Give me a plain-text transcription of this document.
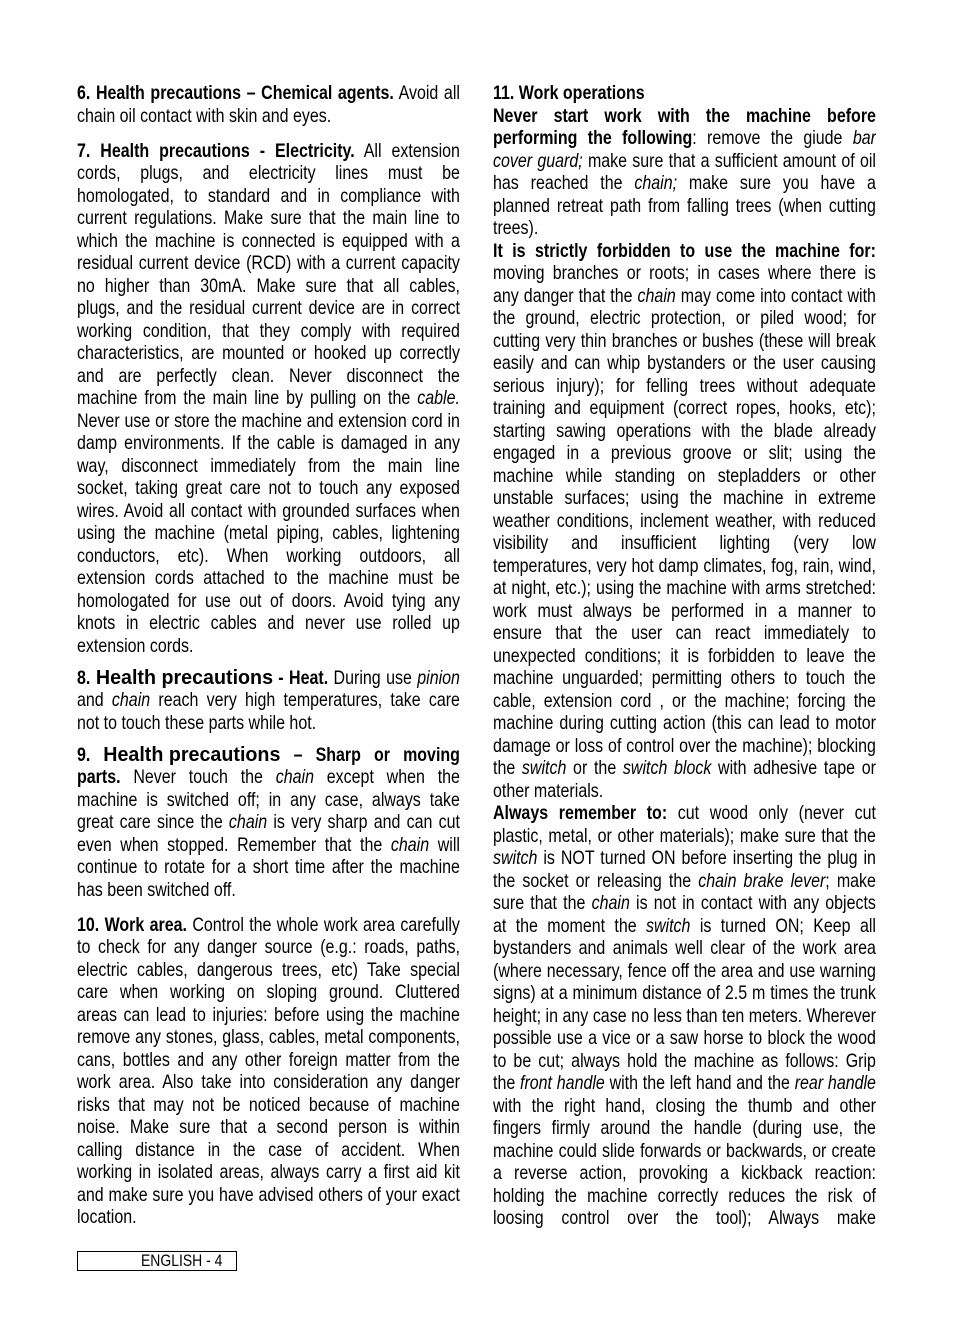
6. Health precautions – Chemical agents. Avoid all chain oil contact with skin and eyes.

7. Health precautions - Electricity. All extension cords, plugs, and electricity lines must be homologated, to standard and in compliance with current regulations. Make sure that the main line to which the machine is connected is equipped with a residual current device (RCD) with a current capacity no higher than 30mA. Make sure that all cables, plugs, and the residual current device are in correct working condition, that they comply with required characteristics, are mounted or hooked up correctly and are perfectly clean. Never disconnect the machine from the main line by pulling on the cable. Never use or store the machine and extension cord in damp environments. If the cable is damaged in any way, disconnect immediately from the main line socket, taking great care not to touch any exposed wires. Avoid all contact with grounded surfaces when using the machine (metal piping, cables, lightening conductors, etc). When working outdoors, all extension cords attached to the machine must be homologated for use out of doors. Avoid tying any knots in electric cables and never use rolled up extension cords.

8. Health precautions - Heat. During use pinion and chain reach very high temperatures, take care not to touch these parts while hot.

9. Health precautions – Sharp or moving parts. Never touch the chain except when the machine is switched off; in any case, always take great care since the chain is very sharp and can cut even when stopped. Remember that the chain will continue to rotate for a short time after the machine has been switched off.

10. Work area. Control the whole work area carefully to check for any danger source (e.g.: roads, paths, electric cables, dangerous trees, etc) Take special care when working on sloping ground. Cluttered areas can lead to injuries: before using the machine remove any stones, glass, cables, metal components, cans, bottles and any other foreign matter from the work area. Also take into consideration any danger risks that may not be noticed because of machine noise. Make sure that a second person is within calling distance in the case of accident. When working in isolated areas, always carry a first aid kit and make sure you have advised others of your exact location.

11. Work operations

Never start work with the machine before performing the following: remove the giude bar cover guard; make sure that a sufficient amount of oil has reached the chain; make sure you have a planned retreat path from falling trees (when cutting trees).

It is strictly forbidden to use the machine for: moving branches or roots; in cases where there is any danger that the chain may come into contact with the ground, electric protection, or piled wood; for cutting very thin branches or bushes (these will break easily and can whip bystanders or the user causing serious injury); for felling trees without adequate training and equipment (correct ropes, hooks, etc); starting sawing operations with the blade already engaged in a previous groove or slit; using the machine while standing on stepladders or other unstable surfaces; using the machine in extreme weather conditions, inclement weather, with reduced visibility and insufficient lighting (very low temperatures, very hot damp climates, fog, rain, wind, at night, etc.); using the machine with arms stretched: work must always be performed in a manner to ensure that the user can react immediately to unexpected conditions; it is forbidden to leave the machine unguarded; permitting others to touch the cable, extension cord , or the machine; forcing the machine during cutting action (this can lead to motor damage or loss of control over the machine); blocking the switch or the switch block with adhesive tape or other materials.

Always remember to: cut wood only (never cut plastic, metal, or other materials); make sure that the switch is NOT turned ON before inserting the plug in the socket or releasing the chain brake lever; make sure that the chain is not in contact with any objects at the moment the switch is turned ON; Keep all bystanders and animals well clear of the work area (where necessary, fence off the area and use warning signs) at a minimum distance of 2.5 m times the trunk height; in any case no less than ten meters. Wherever possible use a vice or a saw horse to block the wood to be cut; always hold the machine as follows: Grip the front handle with the left hand and the rear handle with the right hand, closing the thumb and other fingers firmly around the handle (during use, the machine could slide forwards or backwards, or create a reverse action, provoking a kickback reaction: holding the machine correctly reduces the risk of loosing control over the tool); Always make

ENGLISH - 4
